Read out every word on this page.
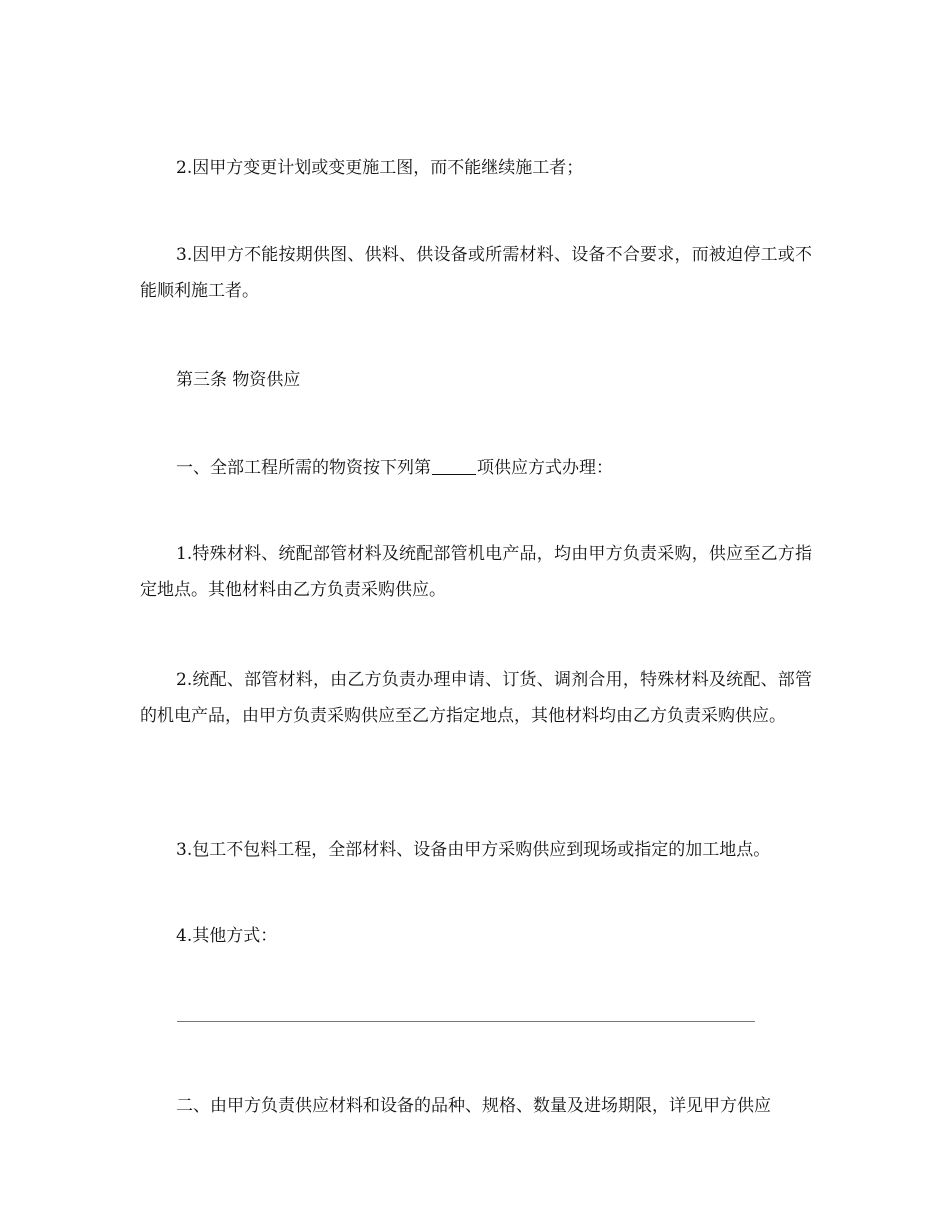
2.因甲方变更计划或变更施工图，而不能继续施工者；

3.因甲方不能按期供图、供料、供设备或所需材料、设备不合要求，而被迫停工或不能顺利施工者。

第三条 物资供应

一、全部工程所需的物资按下列第	项供应方式办理：

1.特殊材料、统配部管材料及统配部管机电产品，均由甲方负责采购，供应至乙方指定地点。其他材料由乙方负责采购供应。

2.统配、部管材料，由乙方负责办理申请、订货、调剂合用，特殊材料及统配、部管的机电产品，由甲方负责采购供应至乙方指定地点，其他材料均由乙方负责采购供应。

3.包工不包料工程，全部材料、设备由甲方采购供应到现场或指定的加工地点。

4.其他方式：

二、由甲方负责供应材料和设备的品种、规格、数量及进场期限，详见甲方供应
